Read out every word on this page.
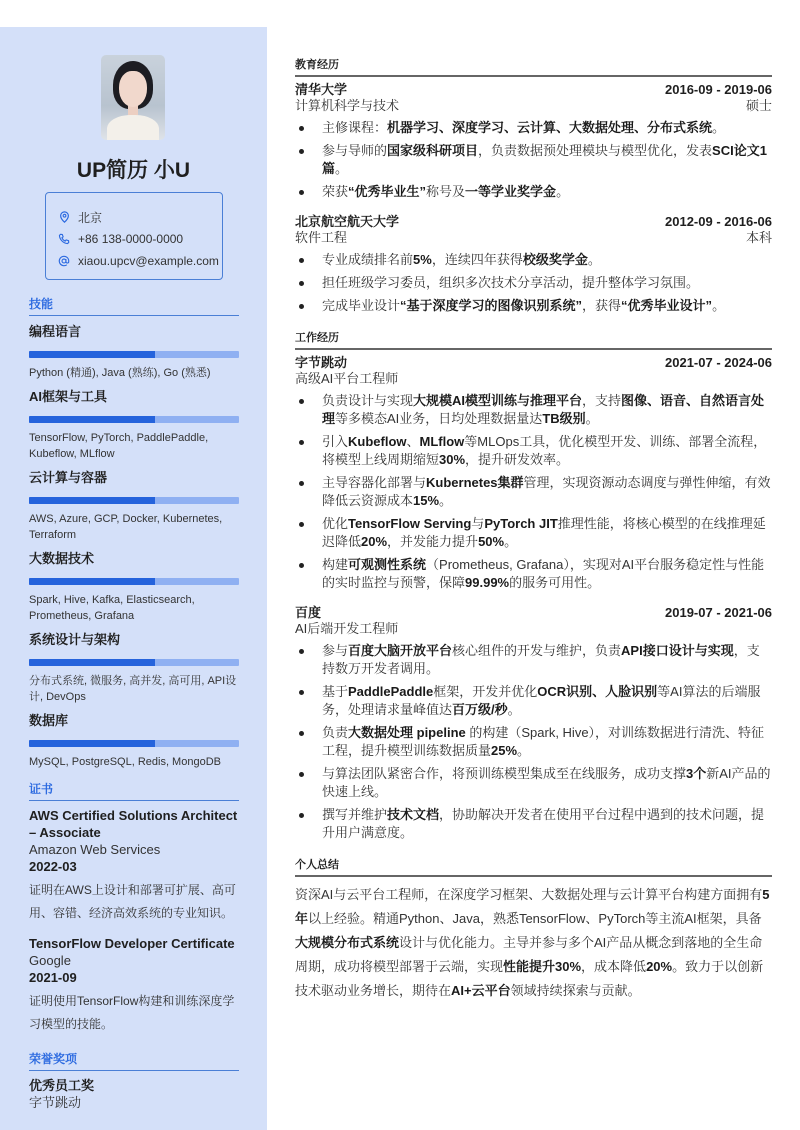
UP简历 小U
北京
+86 138-0000-0000
xiaou.upcv@example.com
技能
编程语言
Python (精通), Java (熟练), Go (熟悉)
AI框架与工具
TensorFlow, PyTorch, PaddlePaddle, Kubeflow, MLflow
云计算与容器
AWS, Azure, GCP, Docker, Kubernetes, Terraform
大数据技术
Spark, Hive, Kafka, Elasticsearch, Prometheus, Grafana
系统设计与架构
分布式系统, 微服务, 高并发, 高可用, API设计, DevOps
数据库
MySQL, PostgreSQL, Redis, MongoDB
证书
AWS Certified Solutions Architect – Associate
Amazon Web Services
2022-03
证明在AWS上设计和部署可扩展、高可用、容错、经济高效系统的专业知识。
TensorFlow Developer Certificate
Google
2021-09
证明使用TensorFlow构建和训练深度学习模型的技能。
荣誉奖项
优秀员工奖
字节跳动
教育经历
清华大学	2016-09 - 2019-06
计算机科学与技术	硕士
主修课程：机器学习、深度学习、云计算、大数据处理、分布式系统。
参与导师的国家级科研项目，负责数据预处理模块与模型优化，发表SCI论文1篇。
荣获“优秀毕业生”称号及一等学业奖学金。
北京航空航天大学	2012-09 - 2016-06
软件工程	本科
专业成绩排名前5%，连续四年获得校级奖学金。
担任班级学习委员，组织多次技术分享活动，提升整体学习氛围。
完成毕业设计“基于深度学习的图像识别系统”，获得“优秀毕业设计”。
工作经历
字节跳动	2021-07 - 2024-06
高级AI平台工程师
负责设计与实现大规模AI模型训练与推理平台，支持图像、语音、自然语言处理等多模态AI业务，日均处理数据量达TB级别。
引入Kubeflow、MLflow等MLOps工具，优化模型开发、训练、部署全流程，将模型上线周期缩短30%，提升研发效率。
主导容器化部署与Kubernetes集群管理，实现资源动态调度与弹性伸缩，有效降低云资源成本15%。
优化TensorFlow Serving与PyTorch JIT推理性能，将核心模型的在线推理延迟降低20%，并发能力提升50%。
构建可观测性系统（Prometheus, Grafana），实现对AI平台服务稳定性与性能的实时监控与预警，保障99.99%的服务可用性。
百度	2019-07 - 2021-06
AI后端开发工程师
参与百度大脑开放平台核心组件的开发与维护，负责API接口设计与实现，支持数万开发者调用。
基于PaddlePaddle框架，开发并优化OCR识别、人脸识别等AI算法的后端服务，处理请求量峰值达百万级/秒。
负责大数据处理 pipeline 的构建（Spark, Hive），对训练数据进行清洗、特征工程，提升模型训练数据质量25%。
与算法团队紧密合作，将预训练模型集成至在线服务，成功支撑3个新AI产品的快速上线。
撰写并维护技术文档，协助解决开发者在使用平台过程中遇到的技术问题，提升用户满意度。
个人总结

资深AI与云平台工程师，在深度学习框架、大数据处理与云计算平台构建方面拥有5年以上经验。精通Python、Java，熟悉TensorFlow、PyTorch等主流AI框架，具备大规模分布式系统设计与优化能力。主导并参与多个AI产品从概念到落地的全生命周期，成功将模型部署于云端，实现性能提升30%，成本降低20%。致力于以创新技术驱动业务增长，期待在AI+云平台领域持续探索与贡献。
